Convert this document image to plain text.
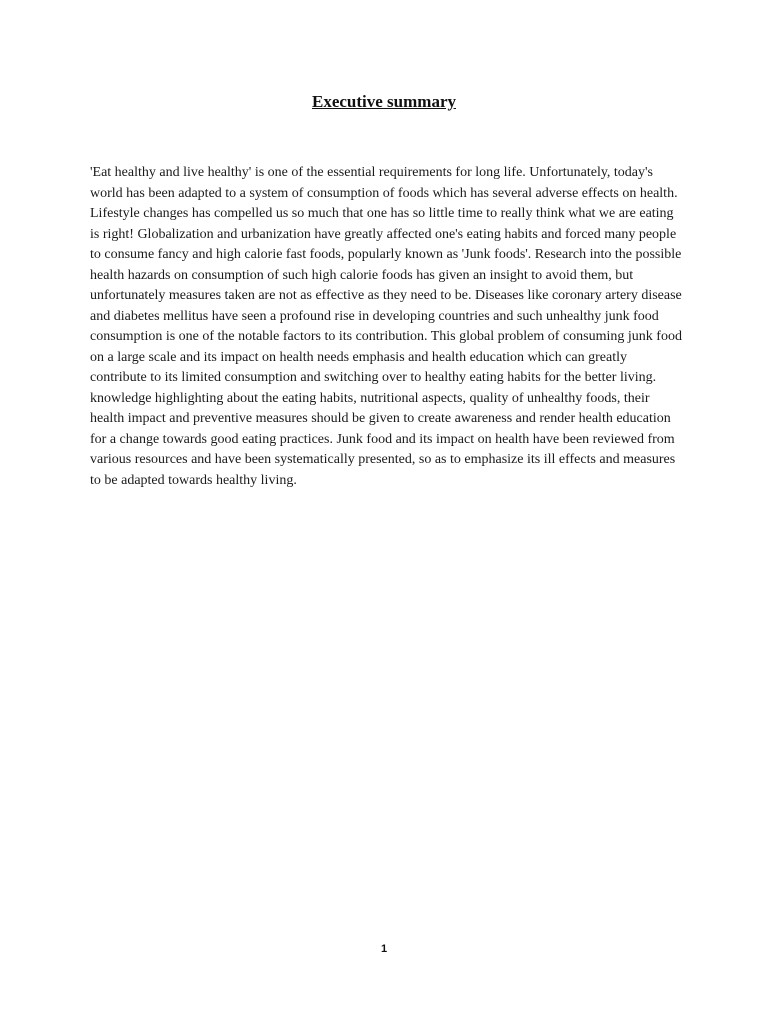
Executive summary

'Eat healthy and live healthy' is one of the essential requirements for long life. Unfortunately, today's world has been adapted to a system of consumption of foods which has several adverse effects on health. Lifestyle changes has compelled us so much that one has so little time to really think what we are eating is right! Globalization and urbanization have greatly affected one's eating habits and forced many people to consume fancy and high calorie fast foods, popularly known as 'Junk foods'. Research into the possible health hazards on consumption of such high calorie foods has given an insight to avoid them, but unfortunately measures taken are not as effective as they need to be. Diseases like coronary artery disease and diabetes mellitus have seen a profound rise in developing countries and such unhealthy junk food consumption is one of the notable factors to its contribution. This global problem of consuming junk food on a large scale and its impact on health needs emphasis and health education which can greatly contribute to its limited consumption and switching over to healthy eating habits for the better living. knowledge highlighting about the eating habits, nutritional aspects, quality of unhealthy foods, their health impact and preventive measures should be given to create awareness and render health education for a change towards good eating practices. Junk food and its impact on health have been reviewed from various resources and have been systematically presented, so as to emphasize its ill effects and measures to be adapted towards healthy living.

1
